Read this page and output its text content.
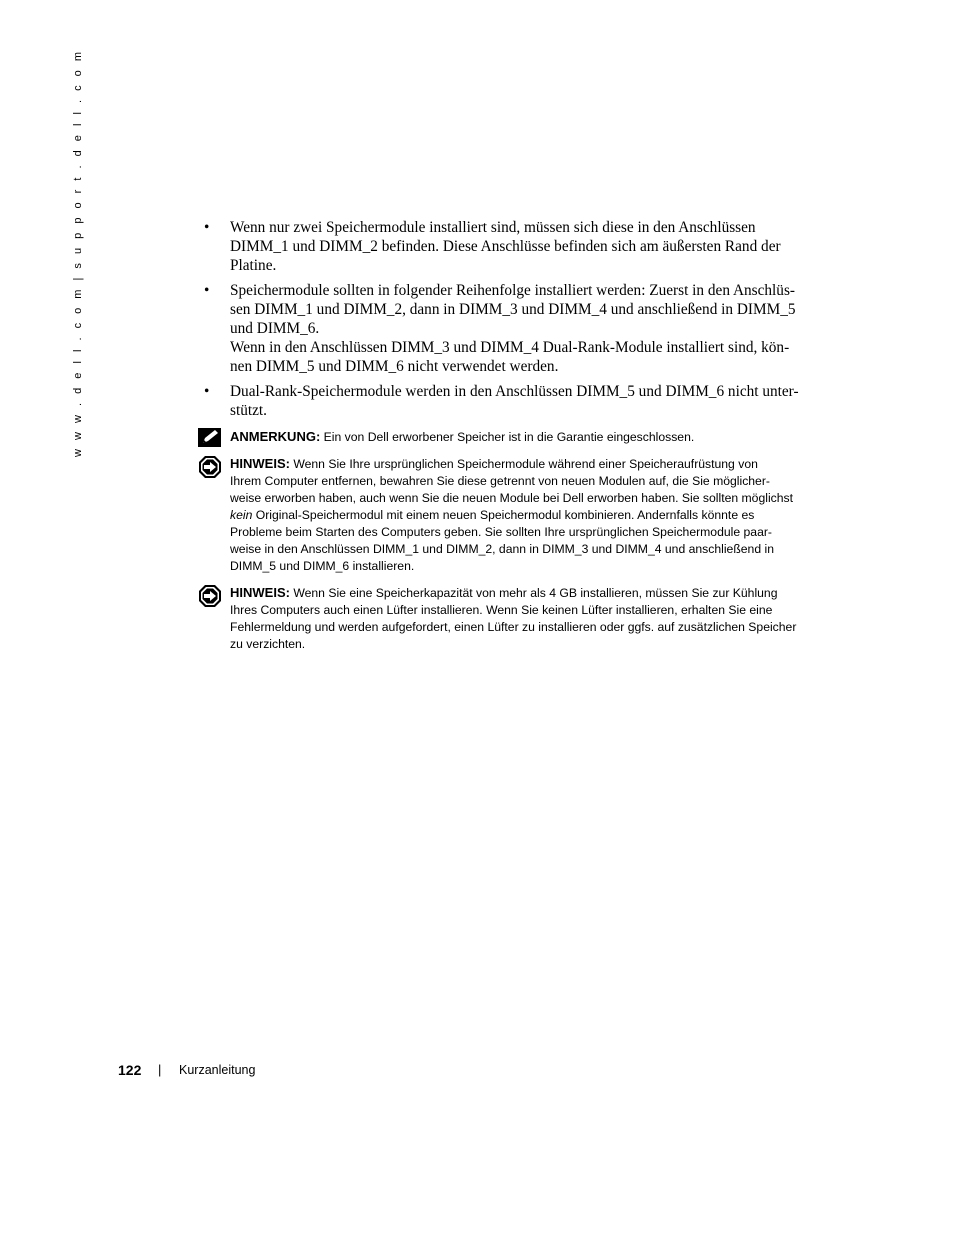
w w w . d e l l . c o m | s u p p o r t . d e l l . c o m	• Wenn nur zwei Speichermodule installiert sind, müssen sich diese in den Anschlüssen
DIMM_1 und DIMM_2 befinden. Diese Anschlüsse befinden sich am äußersten Rand der
Platine.

• Speichermodule sollten in folgender Reihenfolge installiert werden: Zuerst in den Anschlüs-
sen DIMM_1 und DIMM_2, dann in DIMM_3 und DIMM_4 und anschließend in DIMM_5
und DIMM_6.
Wenn in den Anschlüssen DIMM_3 und DIMM_4 Dual-Rank-Module installiert sind, kön-
nen DIMM_5 und DIMM_6 nicht verwendet werden.

• Dual-Rank-Speichermodule werden in den Anschlüssen DIMM_5 und DIMM_6 nicht unter-
stützt.

ANMERKUNG: Ein von Dell erworbener Speicher ist in die Garantie eingeschlossen.
HINWEIS: Wenn Sie Ihre ursprünglichen Speichermodule während einer Speicheraufrüstung von
Ihrem Computer entfernen, bewahren Sie diese getrennt von neuen Modulen auf, die Sie möglicher-
weise erworben haben, auch wenn Sie die neuen Module bei Dell erworben haben. Sie sollten möglichst
kein Original-Speichermodul mit einem neuen Speichermodul kombinieren. Andernfalls könnte es
Probleme beim Starten des Computers geben. Sie sollten Ihre ursprünglichen Speichermodule paar-
weise in den Anschlüssen DIMM_1 und DIMM_2, dann in DIMM_3 und DIMM_4 und anschließend in
DIMM_5 und DIMM_6 installieren.
HINWEIS: Wenn Sie eine Speicherkapazität von mehr als 4 GB installieren, müssen Sie zur Kühlung
Ihres Computers auch einen Lüfter installieren. Wenn Sie keinen Lüfter installieren, erhalten Sie eine
Fehlermeldung und werden aufgefordert, einen Lüfter zu installieren oder ggfs. auf zusätzlichen Speicher
zu verzichten.
122 | Kurzanleitung
